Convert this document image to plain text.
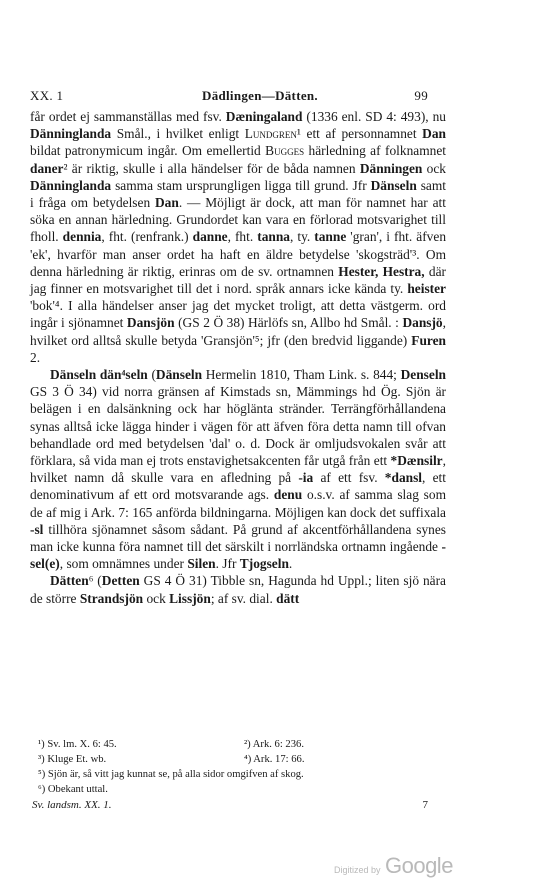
XX. 1	Dädlingen—Dätten.	99

får ordet ej sammanställas med fsv. Dæningaland (1336 enl. SD 4: 493), nu Dänninglanda Smål., i hvilket enligt Lundgren¹ ett af personnamnet Dan bildat patronymicum ingår. Om emellertid Bugges härledning af folknamnet daner² är riktig, skulle i alla händelser för de båda namnen Dänningen ock Dänninglanda samma stam ursprungligen ligga till grund. Jfr Dänseln samt i fråga om betydelsen Dan. — Möjligt är dock, att man för namnet har att söka en annan härledning. Grundordet kan vara en förlorad motsvarighet till fholl. dennia, fht. (renfrank.) danne, fht. tanna, ty. tanne 'gran', i fht. äfven 'ek', hvarför man anser ordet ha haft en äldre betydelse 'skogsträd'³. Om denna härledning är riktig, erinras om de sv. ortnamnen Hester, Hestra, där jag finner en motsvarighet till det i nord. språk annars icke kända ty. heister 'bok'⁴. I alla händelser anser jag det mycket troligt, att detta västgerm. ord ingår i sjönamnet Dansjön (GS 2 Ö 38) Härlöfs sn, Allbo hd Smål. : Dansjö, hvilket ord alltså skulle betyda 'Gransjön'⁵; jfr (den bredvid liggande) Furen 2.

Dänseln dän⁴seln (Dänseln Hermelin 1810, Tham Link. s. 844; Denseln GS 3 Ö 34) vid norra gränsen af Kimstads sn, Mämmings hd Ög. Sjön är belägen i en dalsänkning ock har höglänta stränder. Terrängförhållandena synas alltså icke lägga hinder i vägen för att äfven föra detta namn till ofvan behandlade ord med betydelsen 'dal' o. d. Dock är omljudsvokalen svår att förklara, så vida man ej trots enstavighetsakcenten får utgå från ett *Dænsilr, hvilket namn då skulle vara en afledning på -ia af ett fsv. *dansl, ett denominativum af ett ord motsvarande ags. denu o.s.v. af samma slag som de af mig i Ark. 7: 165 anförda bildningarna. Möjligen kan dock det suffixala -sl tillhöra sjönamnet såsom sådant. På grund af akcentförhållandena synes man icke kunna föra namnet till det särskilt i norrländska ortnamn ingående -sel(e), som omnämnes under Silen. Jfr Tjogseln.

Dätten⁶ (Detten GS 4 Ö 31) Tibble sn, Hagunda hd Uppl.; liten sjö nära de större Strandsjön ock Lissjön; af sv. dial. dätt

¹) Sv. lm. X. 6: 45.	²) Ark. 6: 236.
³) Kluge Et. wb.	⁴) Ark. 17: 66.
⁵) Sjön är, så vitt jag kunnat se, på alla sidor omgifven af skog.
⁶) Obekant uttal.
Sv. landsm. XX. 1.	7
Digitized by Google
